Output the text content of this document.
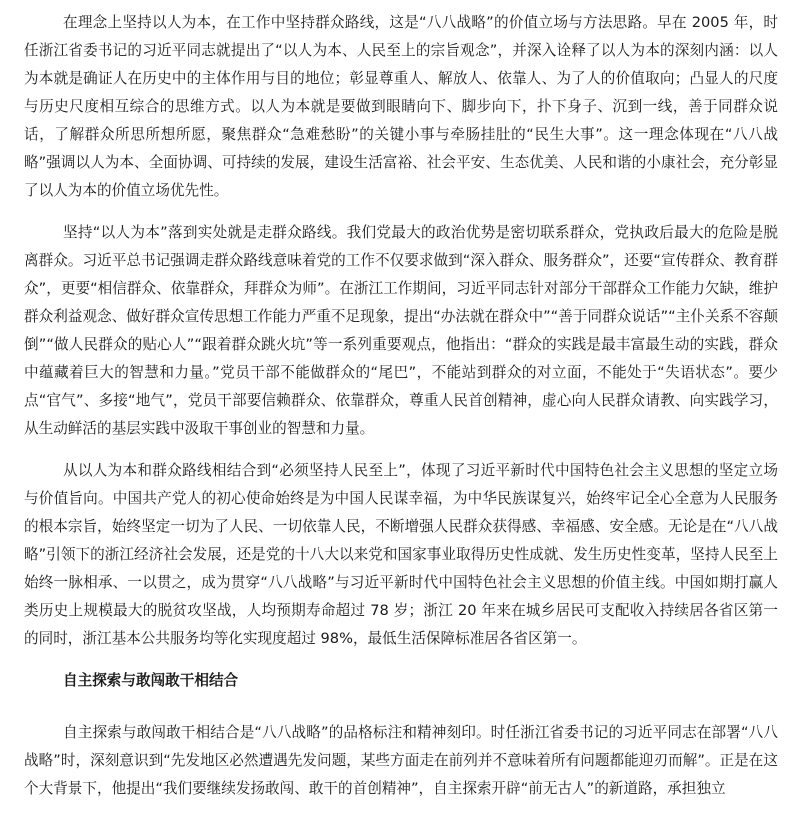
在理念上坚持以人为本，在工作中坚持群众路线，这是“八八战略”的价值立场与方法思路。早在 2005 年，时任浙江省委书记的习近平同志就提出了“以人为本、人民至上的宗旨观念”，并深入诠释了以人为本的深刻内涵：以人为本就是确证人在历史中的主体作用与目的地位；彰显尊重人、解放人、依靠人、为了人的价值取向；凸显人的尺度与历史尺度相互综合的思维方式。以人为本就是要做到眼睛向下、脚步向下，扑下身子、沉到一线，善于同群众说话，了解群众所思所想所愿，聚焦群众“急难愁盼”的关键小事与牵肠挂肚的“民生大事”。这一理念体现在“八八战略”强调以人为本、全面协调、可持续的发展，建设生活富裕、社会平安、生态优美、人民和谐的小康社会，充分彰显了以人为本的价值立场优先性。

坚持“以人为本”落到实处就是走群众路线。我们党最大的政治优势是密切联系群众，党执政后最大的危险是脱离群众。习近平总书记强调走群众路线意味着党的工作不仅要求做到“深入群众、服务群众”，还要“宣传群众、教育群众”，更要“相信群众、依靠群众，拜群众为师”。在浙江工作期间，习近平同志针对部分干部群众工作能力欠缺，维护群众利益观念、做好群众宣传思想工作能力严重不足现象，提出“办法就在群众中”“善于同群众说话”“主仆关系不容颠倒”“做人民群众的贴心人”“跟着群众跳火坑”等一系列重要观点，他指出：“群众的实践是最丰富最生动的实践，群众中蕴藏着巨大的智慧和力量。”党员干部不能做群众的“尾巴”，不能站到群众的对立面，不能处于“失语状态”。要少点“官气”、多接“地气”，党员干部要信赖群众、依靠群众，尊重人民首创精神，虚心向人民群众请教、向实践学习，从生动鲜活的基层实践中汲取干事创业的智慧和力量。

从以人为本和群众路线相结合到“必须坚持人民至上”，体现了习近平新时代中国特色社会主义思想的坚定立场与价值旨向。中国共产党人的初心使命始终是为中国人民谋幸福，为中华民族谋复兴，始终牢记全心全意为人民服务的根本宗旨，始终坚定一切为了人民、一切依靠人民，不断增强人民群众获得感、幸福感、安全感。无论是在“八八战略”引领下的浙江经济社会发展，还是党的十八大以来党和国家事业取得历史性成就、发生历史性变革，坚持人民至上始终一脉相承、一以贯之，成为贯穿“八八战略”与习近平新时代中国特色社会主义思想的价值主线。中国如期打赢人类历史上规模最大的脱贫攻坚战，人均预期寿命超过 78 岁；浙江 20 年来在城乡居民可支配收入持续居各省区第一的同时，浙江基本公共服务均等化实现度超过 98%，最低生活保障标准居各省区第一。

自主探索与敢闯敢干相结合

自主探索与敢闯敢干相结合是“八八战略”的品格标注和精神刻印。时任浙江省委书记的习近平同志在部署“八八战略”时，深刻意识到“先发地区必然遭遇先发问题，某些方面走在前列并不意味着所有问题都能迎刃而解”。正是在这个大背景下，他提出“我们要继续发扬敢闯、敢干的首创精神”，自主探索开辟“前无古人”的新道路，承担独立
